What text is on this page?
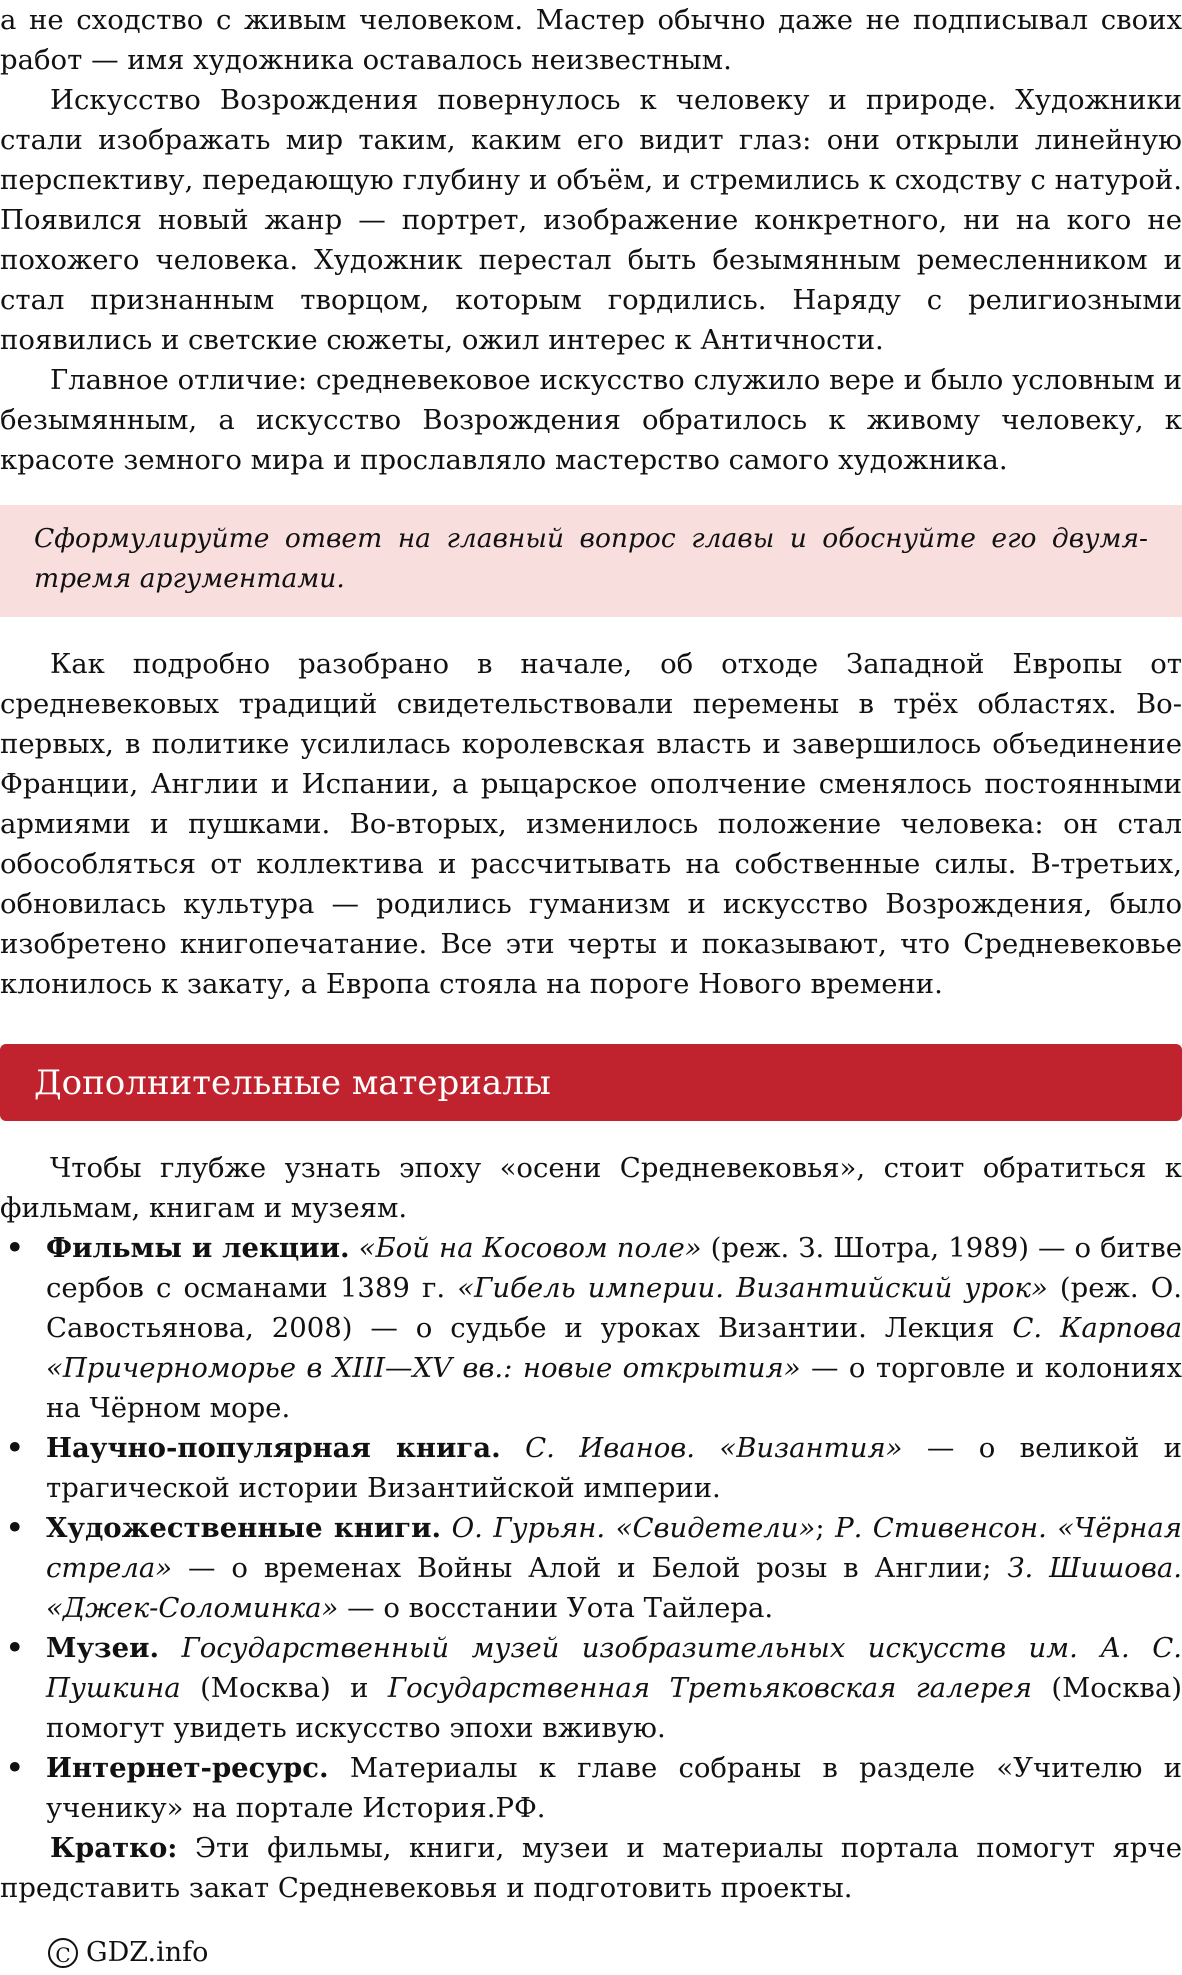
а не сходство с живым человеком. Мастер обычно даже не подписывал своих работ — имя художника оставалось неизвестным.

Искусство Возрождения повернулось к человеку и природе. Художники стали изображать мир таким, каким его видит глаз: они открыли линейную перспективу, передающую глубину и объём, и стремились к сходству с натурой. Появился новый жанр — портрет, изображение конкретного, ни на кого не похожего человека. Художник перестал быть безымянным ремесленником и стал признанным творцом, которым гордились. Наряду с религиозными появились и светские сюжеты, ожил интерес к Античности.

Главное отличие: средневековое искусство служило вере и было условным и безымянным, а искусство Возрождения обратилось к живому человеку, к красоте земного мира и прославляло мастерство самого художника.

Сформулируйте ответ на главный вопрос главы и обоснуйте его двумя-тремя аргументами.

Как подробно разобрано в начале, об отходе Западной Европы от средневековых традиций свидетельствовали перемены в трёх областях. Во-первых, в политике усилилась королевская власть и завершилось объединение Франции, Англии и Испании, а рыцарское ополчение сменялось постоянными армиями и пушками. Во-вторых, изменилось положение человека: он стал обособляться от коллектива и рассчитывать на собственные силы. В-третьих, обновилась культура — родились гуманизм и искусство Возрождения, было изобретено книгопечатание. Все эти черты и показывают, что Средневековье клонилось к закату, а Европа стояла на пороге Нового времени.

Дополнительные материалы

Чтобы глубже узнать эпоху «осени Средневековья», стоит обратиться к фильмам, книгам и музеям.

• Фильмы и лекции. «Бой на Косовом поле» (реж. З. Шотра, 1989) — о битве сербов с османами 1389 г. «Гибель империи. Византийский урок» (реж. О. Савостьянова, 2008) — о судьбе и уроках Византии. Лекция С. Карпова «Причерноморье в XIII—XV вв.: новые открытия» — о торговле и колониях на Чёрном море.
• Научно-популярная книга. С. Иванов. «Византия» — о великой и трагической истории Византийской империи.
• Художественные книги. О. Гурьян. «Свидетели»; Р. Стивенсон. «Чёрная стрела» — о временах Войны Алой и Белой розы в Англии; З. Шишова. «Джек-Соломинка» — о восстании Уота Тайлера.
• Музеи. Государственный музей изобразительных искусств им. А. С. Пушкина (Москва) и Государственная Третьяковская галерея (Москва) помогут увидеть искусство эпохи вживую.
• Интернет-ресурс. Материалы к главе собраны в разделе «Учителю и ученику» на портале История.РФ.

Кратко: Эти фильмы, книги, музеи и материалы портала помогут ярче представить закат Средневековья и подготовить проекты.

C GDZ.info
